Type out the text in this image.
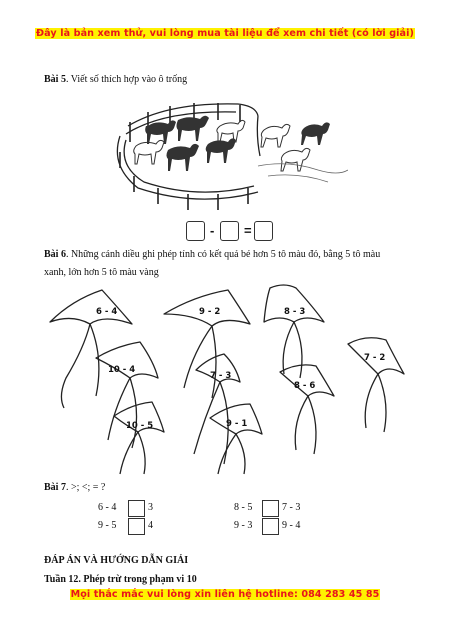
Đây là bản xem thử, vui lòng mua tài liệu để xem chi tiết (có lời giải)
Bài 5. Viết số thích hợp vào ô trống
- =
Bài 6. Những cánh diều ghi phép tính có kết quả bé hơn 5 tô màu đỏ, bằng 5 tô màu
xanh, lớn hơn 5 tô màu vàng
6 - 4	9 - 2	8 - 3
10 - 4
7 - 3
7 - 2
8 - 6
10 - 5	9 - 1
Bài 7. >; <; = ?
6 - 4	3	8 - 5	7 - 3
9 - 5	4	9 - 3	9 - 4
ĐÁP ÁN VÀ HƯỚNG DẪN GIẢI
Tuần 12. Phép trừ trong phạm vi 10
Mọi thắc mắc vui lòng xin liên hệ hotline: 084 283 45 85
